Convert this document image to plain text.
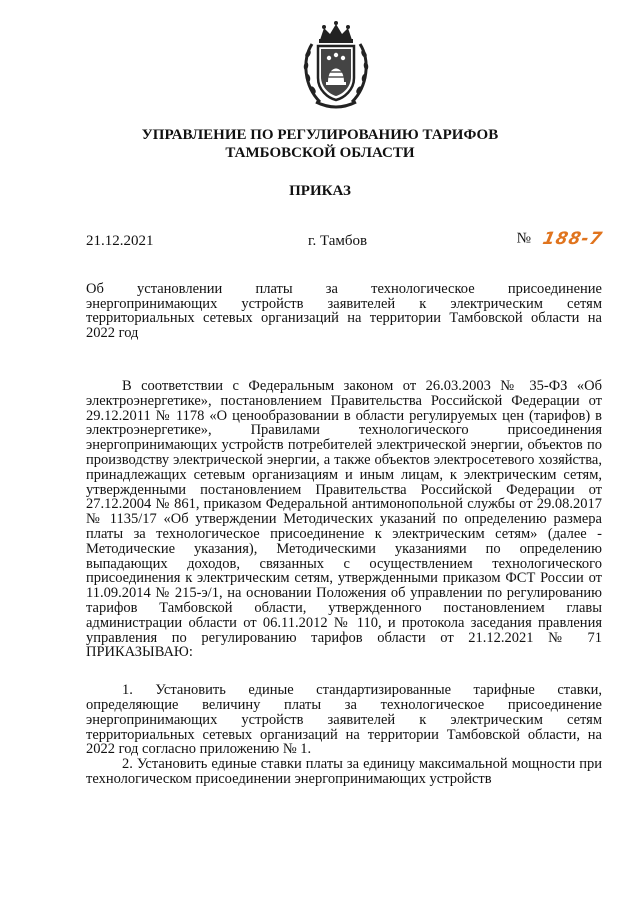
УПРАВЛЕНИЕ ПО РЕГУЛИРОВАНИЮ ТАРИФОВ
ТАМБОВСКОЙ ОБЛАСТИ
ПРИКАЗ
21.12.2021	г. Тамбов	№ 188-7
Об установлении платы за технологическое присоединение
энергопринимающих устройств заявителей к электрическим сетям
территориальных сетевых организаций на территории Тамбовской области на
2022 год

В соответствии с Федеральным законом от 26.03.2003 № 35-ФЗ «Об электроэнергетике», постановлением Правительства Российской Федерации от 29.12.2011 № 1178 «О ценообразовании в области регулируемых цен (тарифов) в электроэнергетике», Правилами технологического присоединения энергопринимающих устройств потребителей электрической энергии, объектов по производству электрической энергии, а также объектов электросетевого хозяйства, принадлежащих сетевым организациям и иным лицам, к электрическим сетям, утвержденными постановлением Правительства Российской Федерации от 27.12.2004 № 861, приказом Федеральной антимонопольной службы от 29.08.2017 № 1135/17 «Об утверждении Методических указаний по определению размера платы за технологическое присоединение к электрическим сетям» (далее - Методические указания), Методическими указаниями по определению выпадающих доходов, связанных с осуществлением технологического присоединения к электрическим сетям, утвержденными приказом ФСТ России от 11.09.2014 № 215-э/1, на основании Положения об управлении по регулированию тарифов Тамбовской области, утвержденного постановлением главы администрации области от 06.11.2012 № 110, и протокола заседания правления управления по регулированию тарифов области от 21.12.2021 № 71 ПРИКАЗЫВАЮ:

1. Установить единые стандартизированные тарифные ставки, определяющие величину платы за технологическое присоединение энергопринимающих устройств заявителей к электрическим сетям территориальных сетевых организаций на территории Тамбовской области, на 2022 год согласно приложению № 1.

2. Установить единые ставки платы за единицу максимальной мощности при технологическом присоединении энергопринимающих устройств
